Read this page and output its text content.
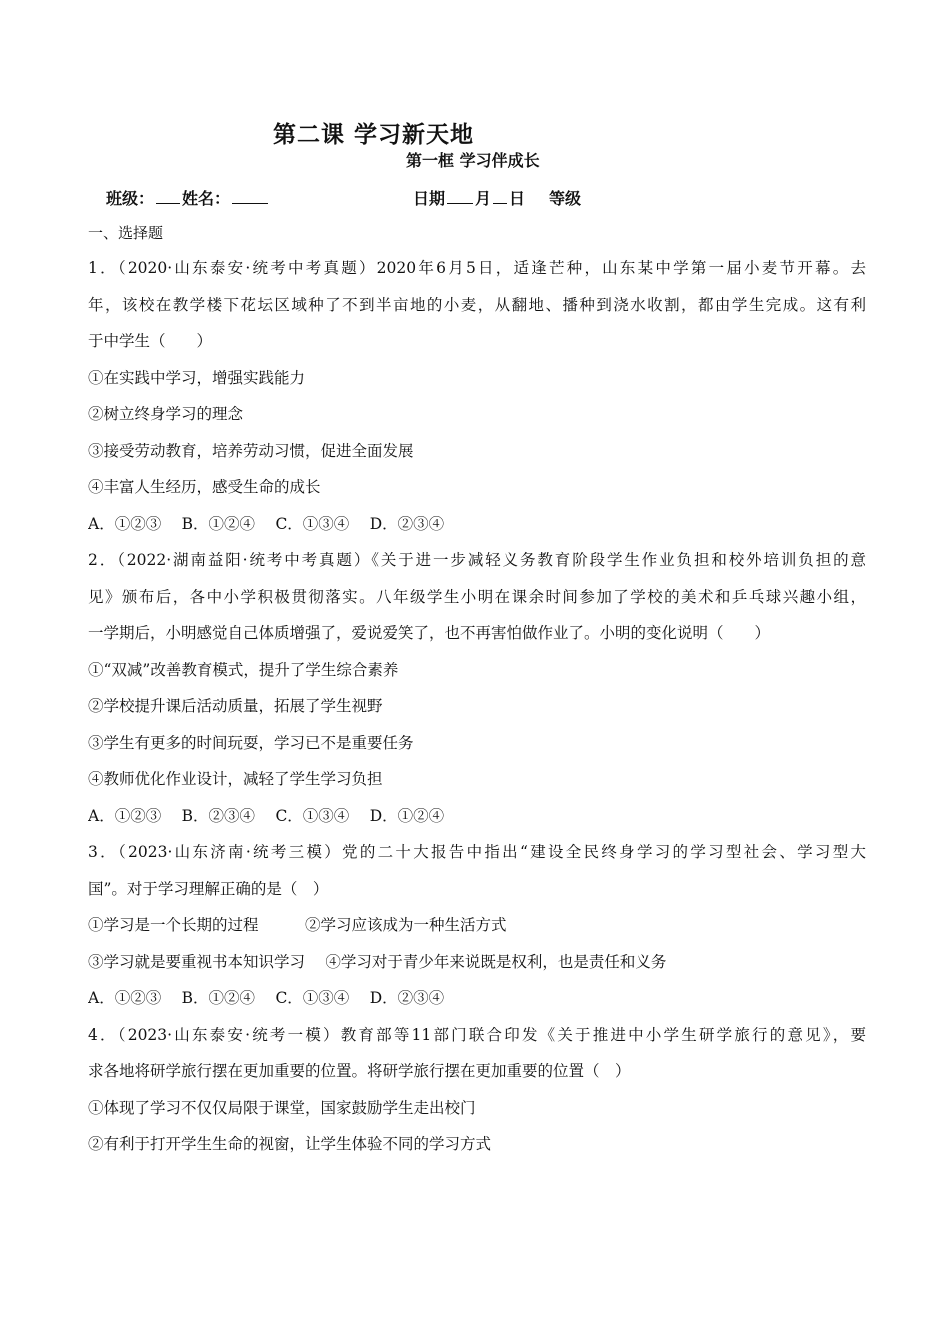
第二课 学习新天地
第一框 学习伴成长
班级： 姓名：	日期 月 日 等级
一、选择题
1．（2020·山东泰安·统考中考真题）2020年6月5日，适逢芒种，山东某中学第一届小麦节开幕。去
年，该校在教学楼下花坛区域种了不到半亩地的小麦，从翻地、播种到浇水收割，都由学生完成。这有利
于中学生（　　）
①在实践中学习，增强实践能力
②树立终身学习的理念
③接受劳动教育，培养劳动习惯，促进全面发展
④丰富人生经历，感受生命的成长
A．①②③　 B．①②④　 C．①③④　 D．②③④
2．（2022·湖南益阳·统考中考真题）《关于进一步减轻义务教育阶段学生作业负担和校外培训负担的意
见》颁布后，各中小学积极贯彻落实。八年级学生小明在课余时间参加了学校的美术和乒乓球兴趣小组，
一学期后，小明感觉自己体质增强了，爱说爱笑了，也不再害怕做作业了。小明的变化说明（　　）
①“双减”改善教育模式，提升了学生综合素养
②学校提升课后活动质量，拓展了学生视野
③学生有更多的时间玩耍，学习已不是重要任务
④教师优化作业设计，减轻了学生学习负担
A．①②③　 B．②③④　 C．①③④　 D．①②④
3．（2023·山东济南·统考三模）党的二十大报告中指出“建设全民终身学习的学习型社会、学习型大
国”。对于学习理解正确的是（　）
①学习是一个长期的过程　　　②学习应该成为一种生活方式
③学习就是要重视书本知识学习　 ④学习对于青少年来说既是权利，也是责任和义务
A．①②③　 B．①②④　 C．①③④　 D．②③④
4．（2023·山东泰安·统考一模）教育部等11部门联合印发《关于推进中小学生研学旅行的意见》，要
求各地将研学旅行摆在更加重要的位置。将研学旅行摆在更加重要的位置（　）
①体现了学习不仅仅局限于课堂，国家鼓励学生走出校门
②有利于打开学生生命的视窗，让学生体验不同的学习方式
